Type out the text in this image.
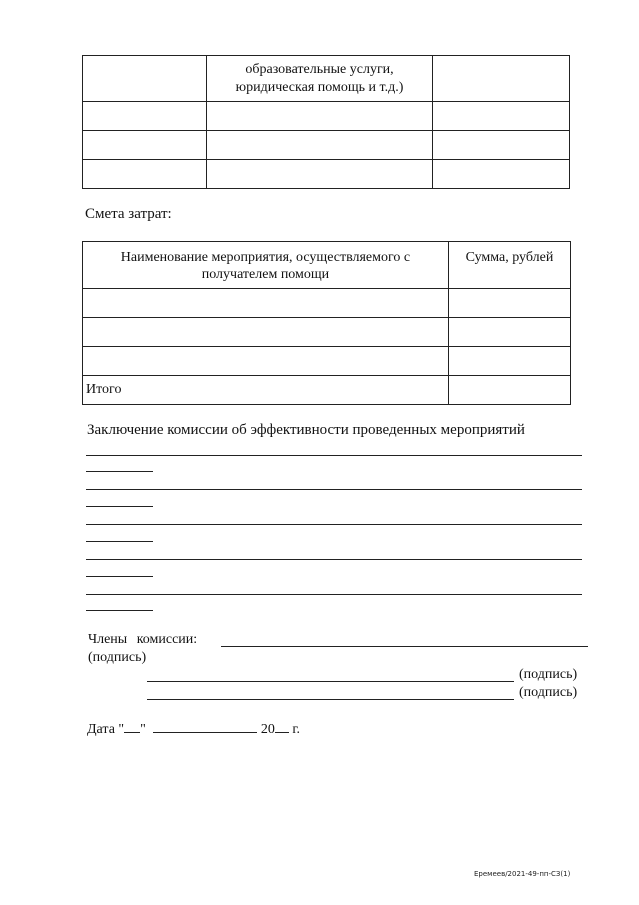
	образовательные услуги,
юридическая помощь и т.д.)	

Смета затрат:
Наименование мероприятия, осуществляемого с
получателем помощи	Сумма, рублей

Итого	
Заключение комиссии об эффективности проведенных мероприятий
Члены комиссии:
(подпись)
(подпись)
(подпись)
Дата " "	20 г.
Еремеев/2021-49-пп-СЗ(1)
